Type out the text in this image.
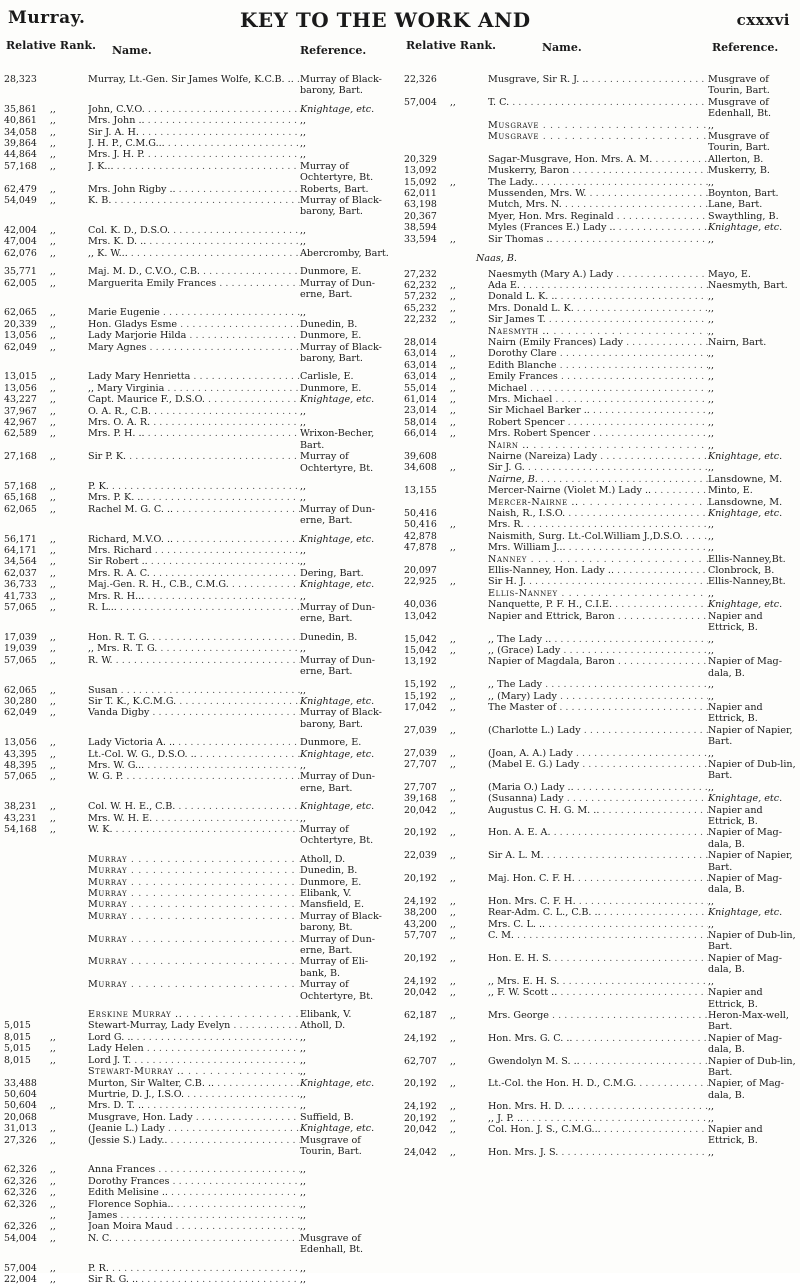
Murray.	KEY TO THE WORK AND	cxxxvi
Relative Rank. Name.	Reference.
28,323	Murray, Lt.-Gen. Sir James Wolfe, K.C.B. .. . . . Murray of Black-barony, Bart.
35,861	,,	John, C.V.O. . . .	Knightage, etc.
40,861	,,	Mrs. John .. . . .	,,
34,058	,,	Sir J. A. H. . . .	,,
39,864	,,	J. H. P., C.M.G... . . .	,,
44,864	,,	Mrs. J. H. P. . . .	,,
57,168	,,	J. K... . . .	Murray of Ochtertyre, Bt.
62,479	,,	Mrs. John Rigby .. . . .	Roberts, Bart.
54,049	,,	K. B. . . .	Murray of Black-barony, Bart.
42,004	,,	Col. K. D., D.S.O. . . .	,,
47,004	,,	Mrs. K. D. .. . . .	,,
62,076	,,	,, K. W... . . .	Abercromby, Bart.
35,771	,,	Maj. M. D., C.V.O., C.B. . . .	Dunmore, E.
62,005	,,	Marguerita Emily Frances . . .	Murray of Dun-erne, Bart.
62,065	,,	Marie Eugenie . . .	,,
20,339	,,	Hon. Gladys Esme . . .	Dunedin, B.
13,056	,,	Lady Marjorie Hilda . . .	Dunmore, E.
62,049	,,	Mary Agnes . . .	Murray of Black-barony, Bart.
13,015	,,	Lady Mary Henrietta . . .	Carlisle, E.
13,056	,,	,, Mary Virginia . . .	Dunmore, E.
43,227	,,	Capt. Maurice F., D.S.O. . . .	Knightage, etc.
37,967	,,	O. A. R., C.B. . . .	,,
42,967	,,	Mrs. O. A. R. . . .	,,
62,589	,,	Mrs. P. H. .. . . .	Wrixon-Becher, Bart.
27,168	,,	Sir P. K. . . .	Murray of Ochtertyre, Bt.
57,168	,,	P. K. . . .	,,
65,168	,,	Mrs. P. K. .. . . .	,,
62,065	,,	Rachel M. G. C. .. . . .	Murray of Dun-erne, Bart.
56,171	,,	Richard, M.V.O. .. . . .	Knightage, etc.
64,171	,,	Mrs. Richard . . .	,,
34,564	,,	Sir Robert .. . . .	,,
62,037	,,	Mrs. R. A. C. . . .	Dering, Bart.
36,733	,,	Maj.-Gen. R. H., C.B., C.M.G. . . .	Knightage, etc.
41,733	,,	Mrs. R. H... . . .	,,
57,065	,,	R. L... . . .	Murray of Dun-erne, Bart.
17,039	,,	Hon. R. T. G. . . .	Dunedin, B.
19,039	,,	,, Mrs. R. T. G. . . .	,,
57,065	,,	R. W. . . .	Murray of Dun-erne, Bart.
62,065	,,	Susan . . .	,,
30,280	,,	Sir T. K., K.C.M.G. . . .	Knightage, etc.
62,049	,,	Vanda Digby . . .	Murray of Black-barony, Bart.
13,056	,,	Lady Victoria A. .. . . .	Dunmore, E.
43,395	,,	Lt.-Col. W. G., D.S.O. .. . . .	Knightage, etc.
48,395	,,	Mrs. W. G... . . .	,,
57,065	,,	W. G. P. . . .	Murray of Dun-erne, Bart.
38,231	,,	Col. W. H. E., C.B. . . .	Knightage, etc.
43,231	,,	Mrs. W. H. E. . . .	,,
54,168	,,	W. K. . . .	Murray of Ochtertyre, Bt.
Murray . . .	Atholl, D.
Murray . . .	Dunedin, B.
Murray . . .	Dunmore, E.
Murray . . .	Elibank, V.
Murray . . .	Mansfield, E.
Murray . . .	Murray of Black-barony, Bt.
Murray . . .	Murray of Dun-erne, Bart.
Murray . . .	Murray of Eli-bank, B.
Murray . . .	Murray of Ochtertyre, Bt.
Erskine Murray .. . . .	Elibank, V.
5,015	Stewart-Murray, Lady Evelyn . . .	Atholl, D.
8,015	,,	Lord G. .. . . .	,,
5,015	,,	Lady Helen . . .	,,
8,015	,,	Lord J. T. . . .	,,
Stewart-Murray .. . . .	,,
33,488	Murton, Sir Walter, C.B. .. . . .	Knightage, etc.
50,604	Murtrie, D. J., I.S.O. . . .	,,
50,604	,,	Mrs. D. T. .. . . .	,,
20,068	Musgrave, Hon. Lady . . .	Suffield, B.
31,013	,,	(Jeanie L.) Lady . . .	Knightage, etc.
27,326	,,	(Jessie S.) Lady.. . . .	Musgrave of Tourin, Bart.
62,326	,,	Anna Frances . . .	,,
62,326	,,	Dorothy Frances . . .	,,
62,326	,,	Edith Melisine .. . . .	,,
62,326	,,	Florence Sophia.. . . .	,,
,,	James . . .	,,
62,326	,,	Joan Moira Maud . . .	,,
54,004	,,	N. C. . . .	Musgrave of Edenhall, Bt.
57,004	,,	P. R. . . .	,,
22,004	,,	Sir R. G. .. . . .	,,
Relative Rank.	Name.	Reference.
22,326	Musgrave, Sir R. J. .. . . .	Musgrave of Tourin, Bart.
57,004	,,	T. C. . . .	Musgrave of Edenhall, Bt.
Musgrave . . .	,,
Musgrave . . .	Musgrave of Tourin, Bart.
20,329	Sagar-Musgrave, Hon. Mrs. A. M. . . .	Allerton, B.
13,092	Muskerry, Baron . . .	Muskerry, B.
15,092	,,	The Lady.. . . .	,,
62,011	Mussenden, Mrs. W. . . .	Boynton, Bart.
63,198	Mutch, Mrs. N. . . .	Lane, Bart.
20,367	Myer, Hon. Mrs. Reginald . . .	Swaythling, B.
38,594	Myles (Frances E.) Lady .. . . .	Knightage, etc.
33,594	,,	Sir Thomas .. . . .	,,
Naas, B.
27,232	Naesmyth (Mary A.) Lady . . .	Mayo, E.
62,232	,,	Ada E. . . .	Naesmyth, Bart.
57,232	,,	Donald L. K. .. . . .	,,
65,232	,,	Mrs. Donald L. K. . . .	,,
22,232	,,	Sir James T. . . .	,,
Naesmyth .. . . .	,,
28,014	Nairn (Emily Frances) Lady . . .	Nairn, Bart.
63,014	,,	Dorothy Clare . . .	,,
63,014	,,	Edith Blanche . . .	,,
63,014	,,	Emily Frances . . .	,,
55,014	,,	Michael . . .	,,
61,014	,,	Mrs. Michael . . .	,,
23,014	,,	Sir Michael Barker .. . . .	,,
58,014	,,	Robert Spencer . . .	,,
66,014	,,	Mrs. Robert Spencer . . .	,,
Nairn .. . . .	,,
39,608	Nairne (Nareiza) Lady . . .	Knightage, etc.
34,608	,,	Sir J. G. . . .	,,
Nairne, B. . . .	Lansdowne, M.
13,155	Mercer-Nairne (Violet M.) Lady .. . . .	Minto, E.
Mercer-Nairne .. . . .	Lansdowne, M.
50,416	Naish, R., I.S.O. . . .	Knightage, etc.
50,416	,,	Mrs. R. . . .	,,
42,878	Naismith, Surg. Lt.-Col.William J.,D.S.O. . . .	,,
47,878	,,	Mrs. William J... . . .	,,
Nanney . . .	Ellis-Nanney,Bt.
20,097	Ellis-Nanney, Hon. Lady .. . . .	Clonbrock, B.
22,925	,,	Sir H. J. . . .	Ellis-Nanney,Bt.
Ellis-Nanney . . .	,,
40,036	Nanquette, P. F. H., C.I.E. . . .	Knightage, etc.
13,042	Napier and Ettrick, Baron . . .	Napier and Ettrick, B.
15,042	,,	,, The Lady .. . . .	,,
15,042	,,	,, (Grace) Lady . . .	,,
13,192	Napier of Magdala, Baron . . .	Napier of Mag-dala, B.
15,192	,,	,, The Lady . . .	,,
15,192	,,	,, (Mary) Lady . . .	,,
17,042	,,	The Master of . . .	Napier and Ettrick, B.
27,039	,,	(Charlotte L.) Lady . . .	Napier of Napier, Bart.
27,039	,,	(Joan, A. A.) Lady . . .	,,
27,707	,,	(Mabel E. G.) Lady . . .	Napier of Dub-lin, Bart.
27,707	,,	(Maria O.) Lady .. . . .	,,
39,168	,,	(Susanna) Lady . . .	Knightage, etc.
20,042	,,	Augustus C. H. G. M. .. . . .	Napier and Ettrick, B.
20,192	,,	Hon. A. E. A. . . .	Napier of Mag-dala, B.
22,039	,,	Sir A. L. M. . . .	Napier of Napier, Bart.
20,192	,,	Maj. Hon. C. F. H. . . .	Napier of Mag-dala, B.
24,192	,,	Hon. Mrs. C. F. H. . . .	,,
38,200	,,	Rear-Adm. C. L., C.B. .. . . .	Knightage, etc.
43,200	,,	Mrs. C. L. .. . . .	,,
57,707	,,	C. M. . . .	Napier of Dub-lin, Bart.
20,192	,,	Hon. E. H. S. . . .	Napier of Mag-dala, B.
24,192	,,	,, Mrs. E. H. S. . . .	,,
20,042	,,	,, F. W. Scott .. . . .	Napier and Ettrick, B.
62,187	,,	Mrs. George . . .	Heron-Max-well, Bart.
24,192	,,	Hon. Mrs. G. C. .. . . .	Napier of Mag-dala, B.
62,707	,,	Gwendolyn M. S. .. . . .	Napier of Dub-lin, Bart.
20,192	,,	Lt.-Col. the Hon. H. D., C.M.G. . . .	Napier, of Mag-dala, B.
24,192	,,	Hon. Mrs. H. D. .. . . .	,,
20,192	,,	,, J. P. .. . . .	,,
20,042	,,	Col. Hon. J. S., C.M.G... . . .	Napier and Ettrick, B.
24,042	,,	Hon. Mrs. J. S. . . .	,,
